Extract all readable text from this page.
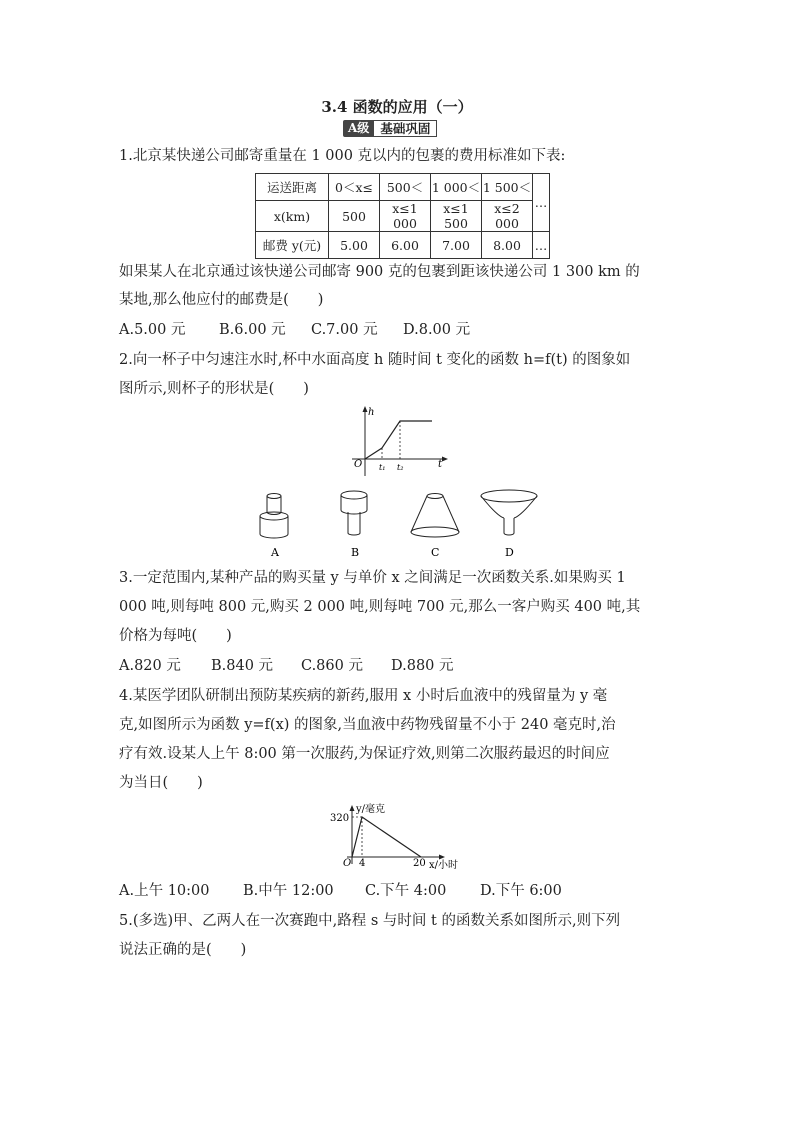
3.4 函数的应用（一）
A级 基础巩固
1.北京某快递公司邮寄重量在 1 000 克以内的包裹的费用标准如下表:
运送距离	0＜x≤	500＜	1 000＜	1 500＜	…
x(km)	500	x≤1 000	x≤1 500	x≤2 000	
邮费 y(元)	5.00	6.00	7.00	8.00	…
如果某人在北京通过该快递公司邮寄 900 克的包裹到距该快递公司 1 300 km 的
某地,那么他应付的邮费是(　　)
A.5.00 元 B.6.00 元 C.7.00 元 D.8.00 元
2.向一杯子中匀速注水时,杯中水面高度 h 随时间 t 变化的函数 h=f(t) 的图象如
图所示,则杯子的形状是(　　)
h
O	t
t₁ t₂
A	B	C	D
3.一定范围内,某种产品的购买量 y 与单价 x 之间满足一次函数关系.如果购买 1
000 吨,则每吨 800 元,购买 2 000 吨,则每吨 700 元,那么一客户购买 400 吨,其
价格为每吨(　　)
A.820 元 B.840 元 C.860 元 D.880 元
4.某医学团队研制出预防某疾病的新药,服用 x 小时后血液中的残留量为 y 毫
克,如图所示为函数 y=f(x) 的图象,当血液中药物残留量不小于 240 毫克时,治
疗有效.设某人上午 8:00 第一次服药,为保证疗效,则第二次服药最迟的时间应
为当日(　　)
y/毫克
320
O 4	20 x/小时
A.上午 10:00 B.中午 12:00 C.下午 4:00 D.下午 6:00
5.(多选)甲、乙两人在一次赛跑中,路程 s 与时间 t 的函数关系如图所示,则下列
说法正确的是(　　)
